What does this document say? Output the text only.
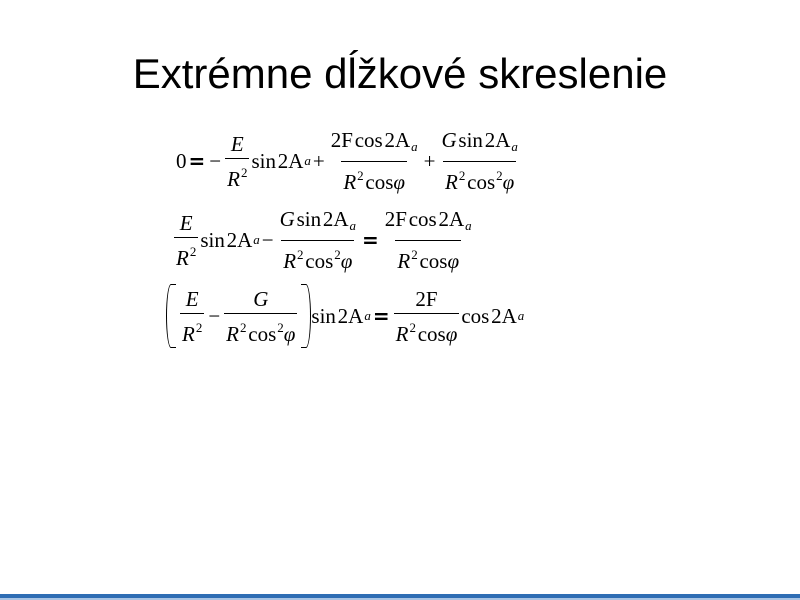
Extrémne dĺžkové skreslenie
0 = − $\frac{E}{R^2}$ sin
  2A $a + \frac{2F \cos 2A_a}{R^2 \cos\varphi} + \frac{G \sin 2A_a}{R^2 \cos^2\varphi}$
$\frac{E}{R^2}$ sin
  2A $a - \frac{G \sin 2A_a}{R^2 \cos^2\varphi} = \frac{2F \cos 2A_a}{R^2 \cos\varphi}$
$\frac{E}{R^2} - \frac{G}{R^2 \cos^2\varphi}$ sin
  2A $a = \frac{2F}{R^2 \cos\varphi}$ cos
  2A a
